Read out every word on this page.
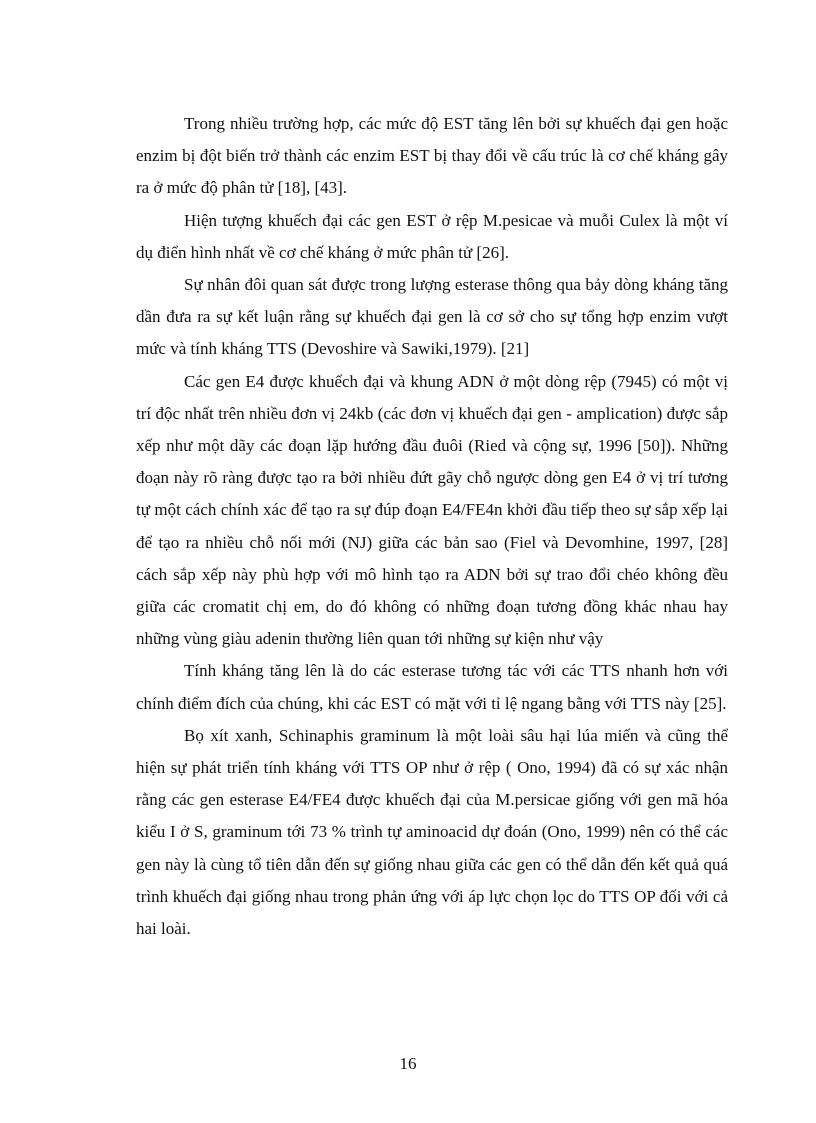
Trong nhiều trường hợp, các mức độ EST tăng lên bởi sự khuếch đại gen hoặc enzim bị đột biến trở thành các enzim EST bị thay đổi về cấu trúc là cơ chế kháng gây ra ở mức độ phân tử [18], [43].

Hiện tượng khuếch đại các gen EST ở rệp M.pesicae và muỗi Culex là một ví dụ điển hình nhất về cơ chế kháng ở mức phân tử [26].

Sự nhân đôi quan sát được trong lượng esterase thông qua bảy dòng kháng tăng dần đưa ra sự kết luận rằng sự khuếch đại gen là cơ sở cho sự tổng hợp enzim vượt mức và tính kháng TTS (Devoshire và Sawiki,1979). [21]

Các gen E4 được khuếch đại và khung ADN ở một dòng rệp (7945) có một vị trí độc nhất trên nhiều đơn vị 24kb (các đơn vị khuếch đại gen - amplication) được sắp xếp như một dãy các đoạn lặp hướng đầu đuôi (Ried và cộng sự, 1996 [50]). Những đoạn này rõ ràng được tạo ra bởi nhiều đứt gãy chỗ ngược dòng gen E4 ở vị trí tương tự một cách chính xác để tạo ra sự đúp đoạn E4/FE4n khởi đầu tiếp theo sự sắp xếp lại để tạo ra nhiều chỗ nối mới (NJ) giữa các bản sao (Fiel và Devomhine, 1997, [28] cách sắp xếp này phù hợp với mô hình tạo ra ADN bởi sự trao đổi chéo không đều giữa các cromatit chị em, do đó không có những đoạn tương đồng khác nhau hay những vùng giàu adenin thường liên quan tới những sự kiện như vậy

Tính kháng tăng lên là do các esterase tương tác với các TTS nhanh hơn với chính điểm đích của chúng, khi các EST có mặt với tỉ lệ ngang bằng với TTS này [25].

Bọ xít xanh, Schinaphis graminum là một loài sâu hại lúa miến và cũng thể hiện sự phát triển tính kháng với TTS OP như ở rệp ( Ono, 1994) đã có sự xác nhận rằng các gen esterase E4/FE4 được khuếch đại của M.persicae giống với gen mã hóa kiểu I ở S, graminum tới 73 % trình tự aminoacid dự đoán (Ono, 1999) nên có thể các gen này là cùng tổ tiên dẫn đến sự giống nhau giữa các gen có thể dẫn đến kết quả quá trình khuếch đại giống nhau trong phản ứng với áp lực chọn lọc do TTS OP đối với cả hai loài.

16
